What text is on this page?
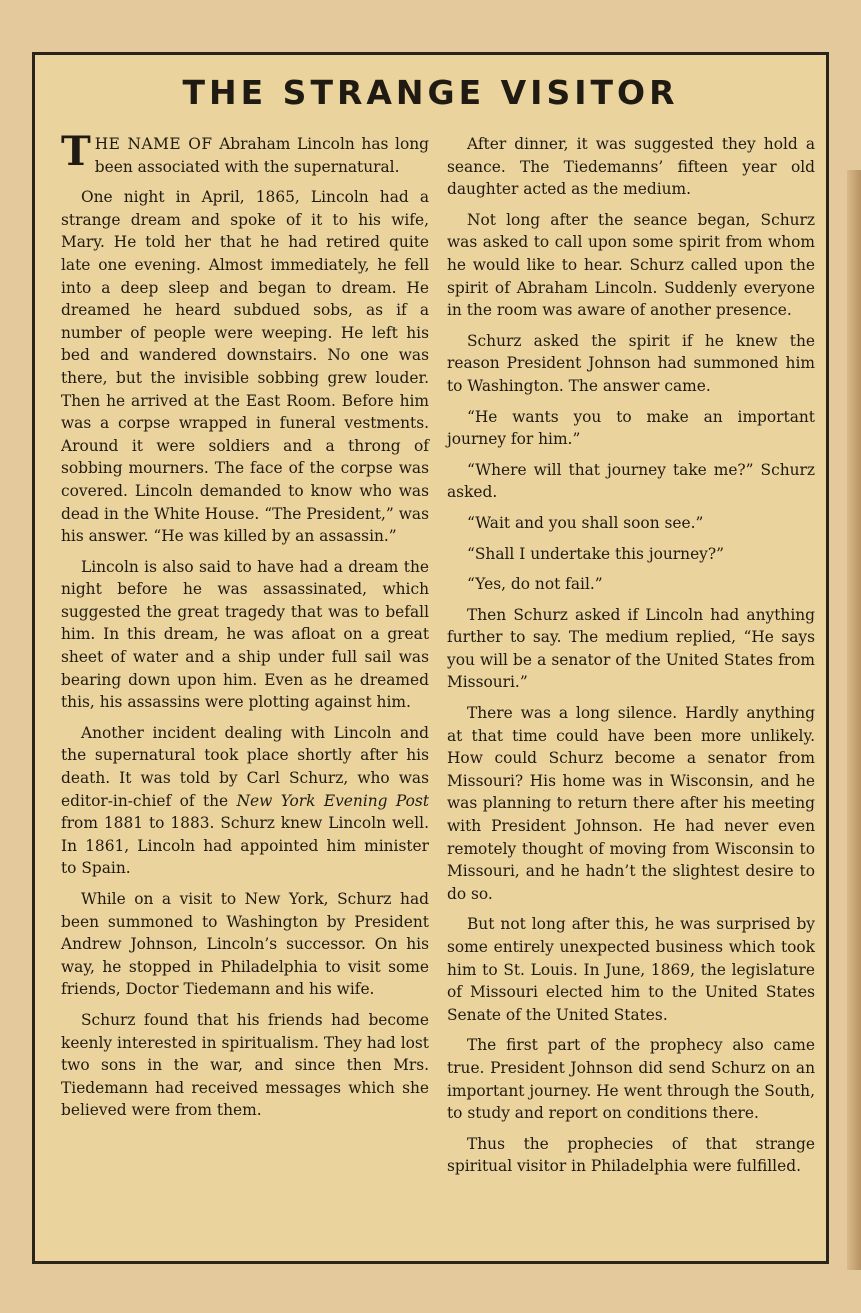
THE STRANGE VISITOR

THE NAME OF Abraham Lincoln has long been associated with the supernatural.

One night in April, 1865, Lincoln had a strange dream and spoke of it to his wife, Mary. He told her that he had retired quite late one evening. Almost immediately, he fell into a deep sleep and began to dream. He dreamed he heard subdued sobs, as if a number of people were weeping. He left his bed and wandered downstairs. No one was there, but the invisible sobbing grew louder. Then he arrived at the East Room. Before him was a corpse wrapped in funeral vestments. Around it were soldiers and a throng of sobbing mourners. The face of the corpse was covered. Lincoln demanded to know who was dead in the White House. “The President,” was his answer. “He was killed by an assassin.”

Lincoln is also said to have had a dream the night before he was assassinated, which suggested the great tragedy that was to befall him. In this dream, he was afloat on a great sheet of water and a ship under full sail was bearing down upon him. Even as he dreamed this, his assassins were plotting against him.

Another incident dealing with Lincoln and the supernatural took place shortly after his death. It was told by Carl Schurz, who was editor-in-chief of the New York Evening Post from 1881 to 1883. Schurz knew Lincoln well. In 1861, Lincoln had appointed him minister to Spain.

While on a visit to New York, Schurz had been summoned to Washington by President Andrew Johnson, Lincoln’s successor. On his way, he stopped in Philadelphia to visit some friends, Doctor Tiedemann and his wife.

Schurz found that his friends had become keenly interested in spiritualism. They had lost two sons in the war, and since then Mrs. Tiedemann had received messages which she believed were from them.

After dinner, it was suggested they hold a seance. The Tiedemanns’ fifteen year old daughter acted as the medium.

Not long after the seance began, Schurz was asked to call upon some spirit from whom he would like to hear. Schurz called upon the spirit of Abraham Lincoln. Suddenly everyone in the room was aware of another presence.

Schurz asked the spirit if he knew the reason President Johnson had summoned him to Washington. The answer came.

“He wants you to make an important journey for him.”

“Where will that journey take me?” Schurz asked.

“Wait and you shall soon see.”

“Shall I undertake this journey?”

“Yes, do not fail.”

Then Schurz asked if Lincoln had anything further to say. The medium replied, “He says you will be a senator of the United States from Missouri.”

There was a long silence. Hardly anything at that time could have been more unlikely. How could Schurz become a senator from Missouri? His home was in Wisconsin, and he was planning to return there after his meeting with President Johnson. He had never even remotely thought of moving from Wisconsin to Missouri, and he hadn’t the slightest desire to do so.

But not long after this, he was surprised by some entirely unexpected business which took him to St. Louis. In June, 1869, the legislature of Missouri elected him to the United States Senate of the United States.

The first part of the prophecy also came true. President Johnson did send Schurz on an important journey. He went through the South, to study and report on conditions there.

Thus the prophecies of that strange spiritual visitor in Philadelphia were fulfilled.
